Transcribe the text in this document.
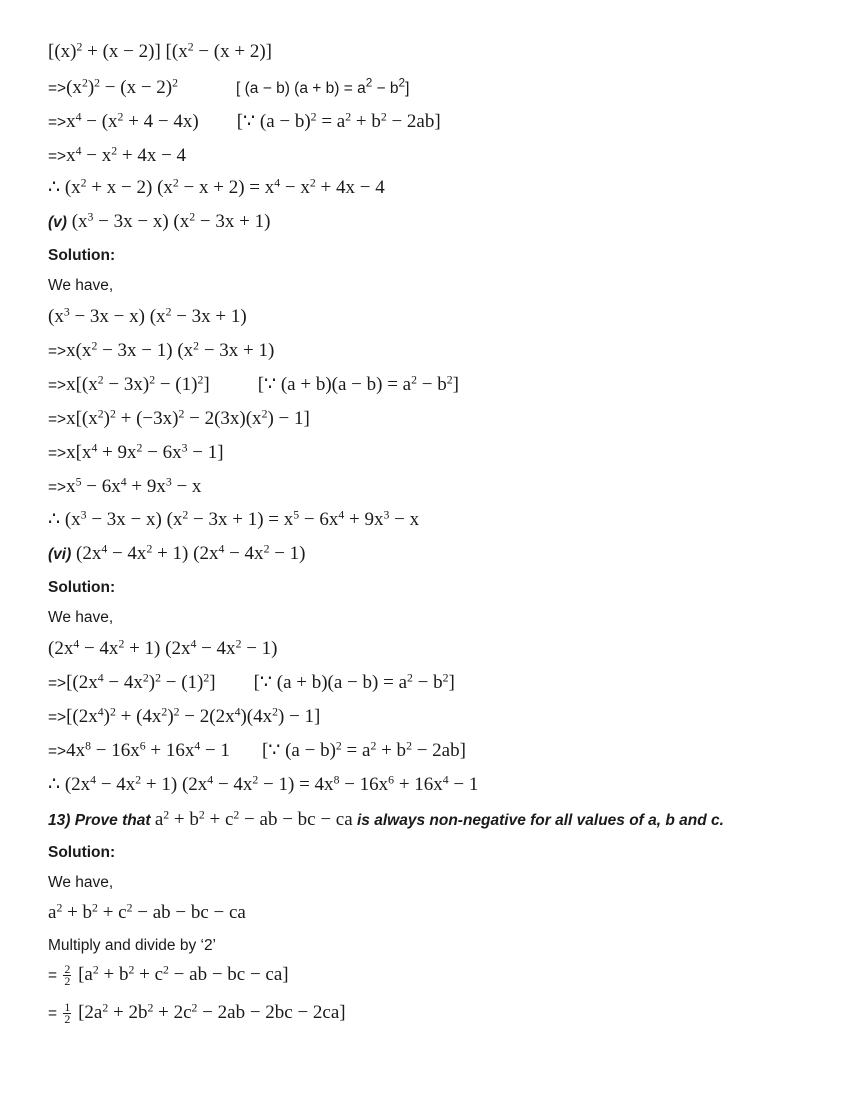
$[(x)^2 + (x - 2)] [(x^2 - (x + 2)]$
$=>(x^2)^2 - (x - 2)^2$	[ (a − b) $(a + b) = a^2 - b^2$]
$=>x^4 - (x^2 + 4 - 4x)$ [∵ $(a - b)^2 = a^2 + b^2 - 2ab$]
$=>x^4 - x^2 + 4x - 4$
∴ $(x^2 + x - 2) (x^2 - x + 2) = x^4 - x^2 + 4x - 4$
(v) $(x^3 - 3x - x) (x^2 - 3x + 1)$
Solution:
We have,
$(x^3 - 3x - x) (x^2 - 3x + 1)$
$=>x(x^2 - 3x - 1) (x^2 - 3x + 1)$
$=>x[(x^2 - 3x)^2 - (1)^2]$	[∵ $(a + b)(a - b) = a^2 - b^2$]
$=>x[(x^2)^2 + (-3x)^2 - 2(3x)(x^2) - 1]$
$=>x[x^4 + 9x^2 - 6x^3 - 1]$
$=>x^5 - 6x^4 + 9x^3 - x$
∴ $(x^3 - 3x - x) (x^2 - 3x + 1) = x^5 - 6x^4 + 9x^3 - x$
(vi) $(2x^4 - 4x^2 + 1) (2x^4 - 4x^2 - 1)$
Solution:
We have,
$(2x^4 - 4x^2 + 1) (2x^4 - 4x^2 - 1)$
$=>[(2x^4 - 4x^2)^2 - (1)^2]$ [∵ $(a + b)(a - b) = a^2 - b^2$]
$=>[(2x^4)^2 + (4x^2)^2 - 2(2x^4)(4x^2) - 1]$
$=>4x^8 - 16x^6 + 16x^4 - 1$ [∵ $(a - b)^2 = a^2 + b^2 - 2ab$]
∴ $(2x^4 - 4x^2 + 1) (2x^4 - 4x^2 - 1) = 4x^8 - 16x^6 + 16x^4 - 1$
13) Prove that $a^2 + b^2 + c^2$ − ab − bc − ca is always non-negative for all values of a, b and c.
Solution:
We have,
$a^2 + b^2 + c^2$ − ab − bc − ca
Multiply and divide by ‘2’
= $\frac{2}{2} [a^2 + b^2 + c^2$ − ab − bc − ca]
= $\frac{1}{2} [2a^2 + 2b^2 + 2c^2 - 2ab - 2bc - 2ca]$
